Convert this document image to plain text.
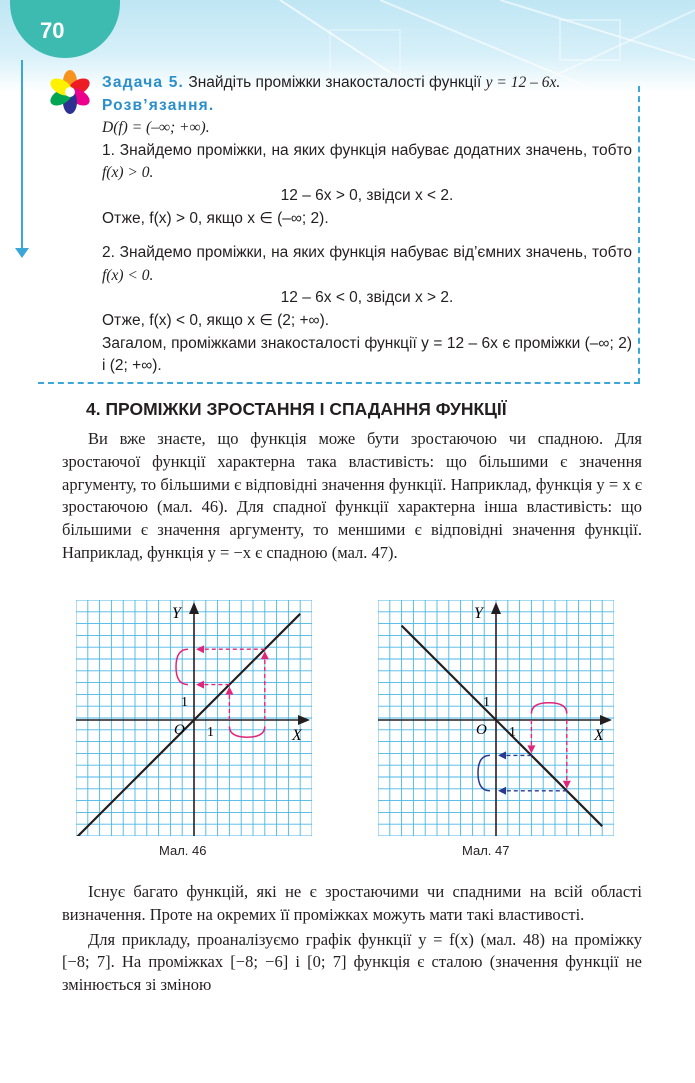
70

Задача 5. Знайдіть проміжки знакосталості функції y = 12 – 6x.

Розв’язання.

D(f) = (–∞; +∞).

1. Знайдемо проміжки, на яких функція набуває додатних значень, тобто f(x) > 0.

12 – 6x > 0, звідси x < 2.

Отже, f(x) > 0, якщо x ∈ (–∞; 2).

2. Знайдемо проміжки, на яких функція набуває від’ємних значень, тобто f(x) < 0.

12 – 6x < 0, звідси x > 2.

Отже, f(x) < 0, якщо x ∈ (2; +∞).

Загалом, проміжками знакосталості функції y = 12 – 6x є проміжки (–∞; 2) і (2; +∞).

4. ПРОМІЖКИ ЗРОСТАННЯ І СПАДАННЯ ФУНКЦІЇ

Ви вже знаєте, що функція може бути зростаючою чи спадною. Для зростаючої функції характерна така властивість: що більшими є значення аргументу, то більшими є відповідні значення функції. Наприклад, функція y = x є зростаючою (мал. 46). Для спадної функції характерна інша властивість: що більшими є значення аргументу, то меншими є відповідні значення функції. Наприклад, функція y = −x є спадною (мал. 47).

Y
X
O 1
1
Y
X
O 1
1
Мал. 46	Мал. 47

Існує багато функцій, які не є зростаючими чи спадними на всій області визначення. Проте на окремих її проміжках можуть мати такі властивості.

Для прикладу, проаналізуємо графік функції y = f(x) (мал. 48) на проміжку [−8; 7]. На проміжках [−8; −6] і [0; 7] функція є сталою (значення функції не змінюється зі зміною
